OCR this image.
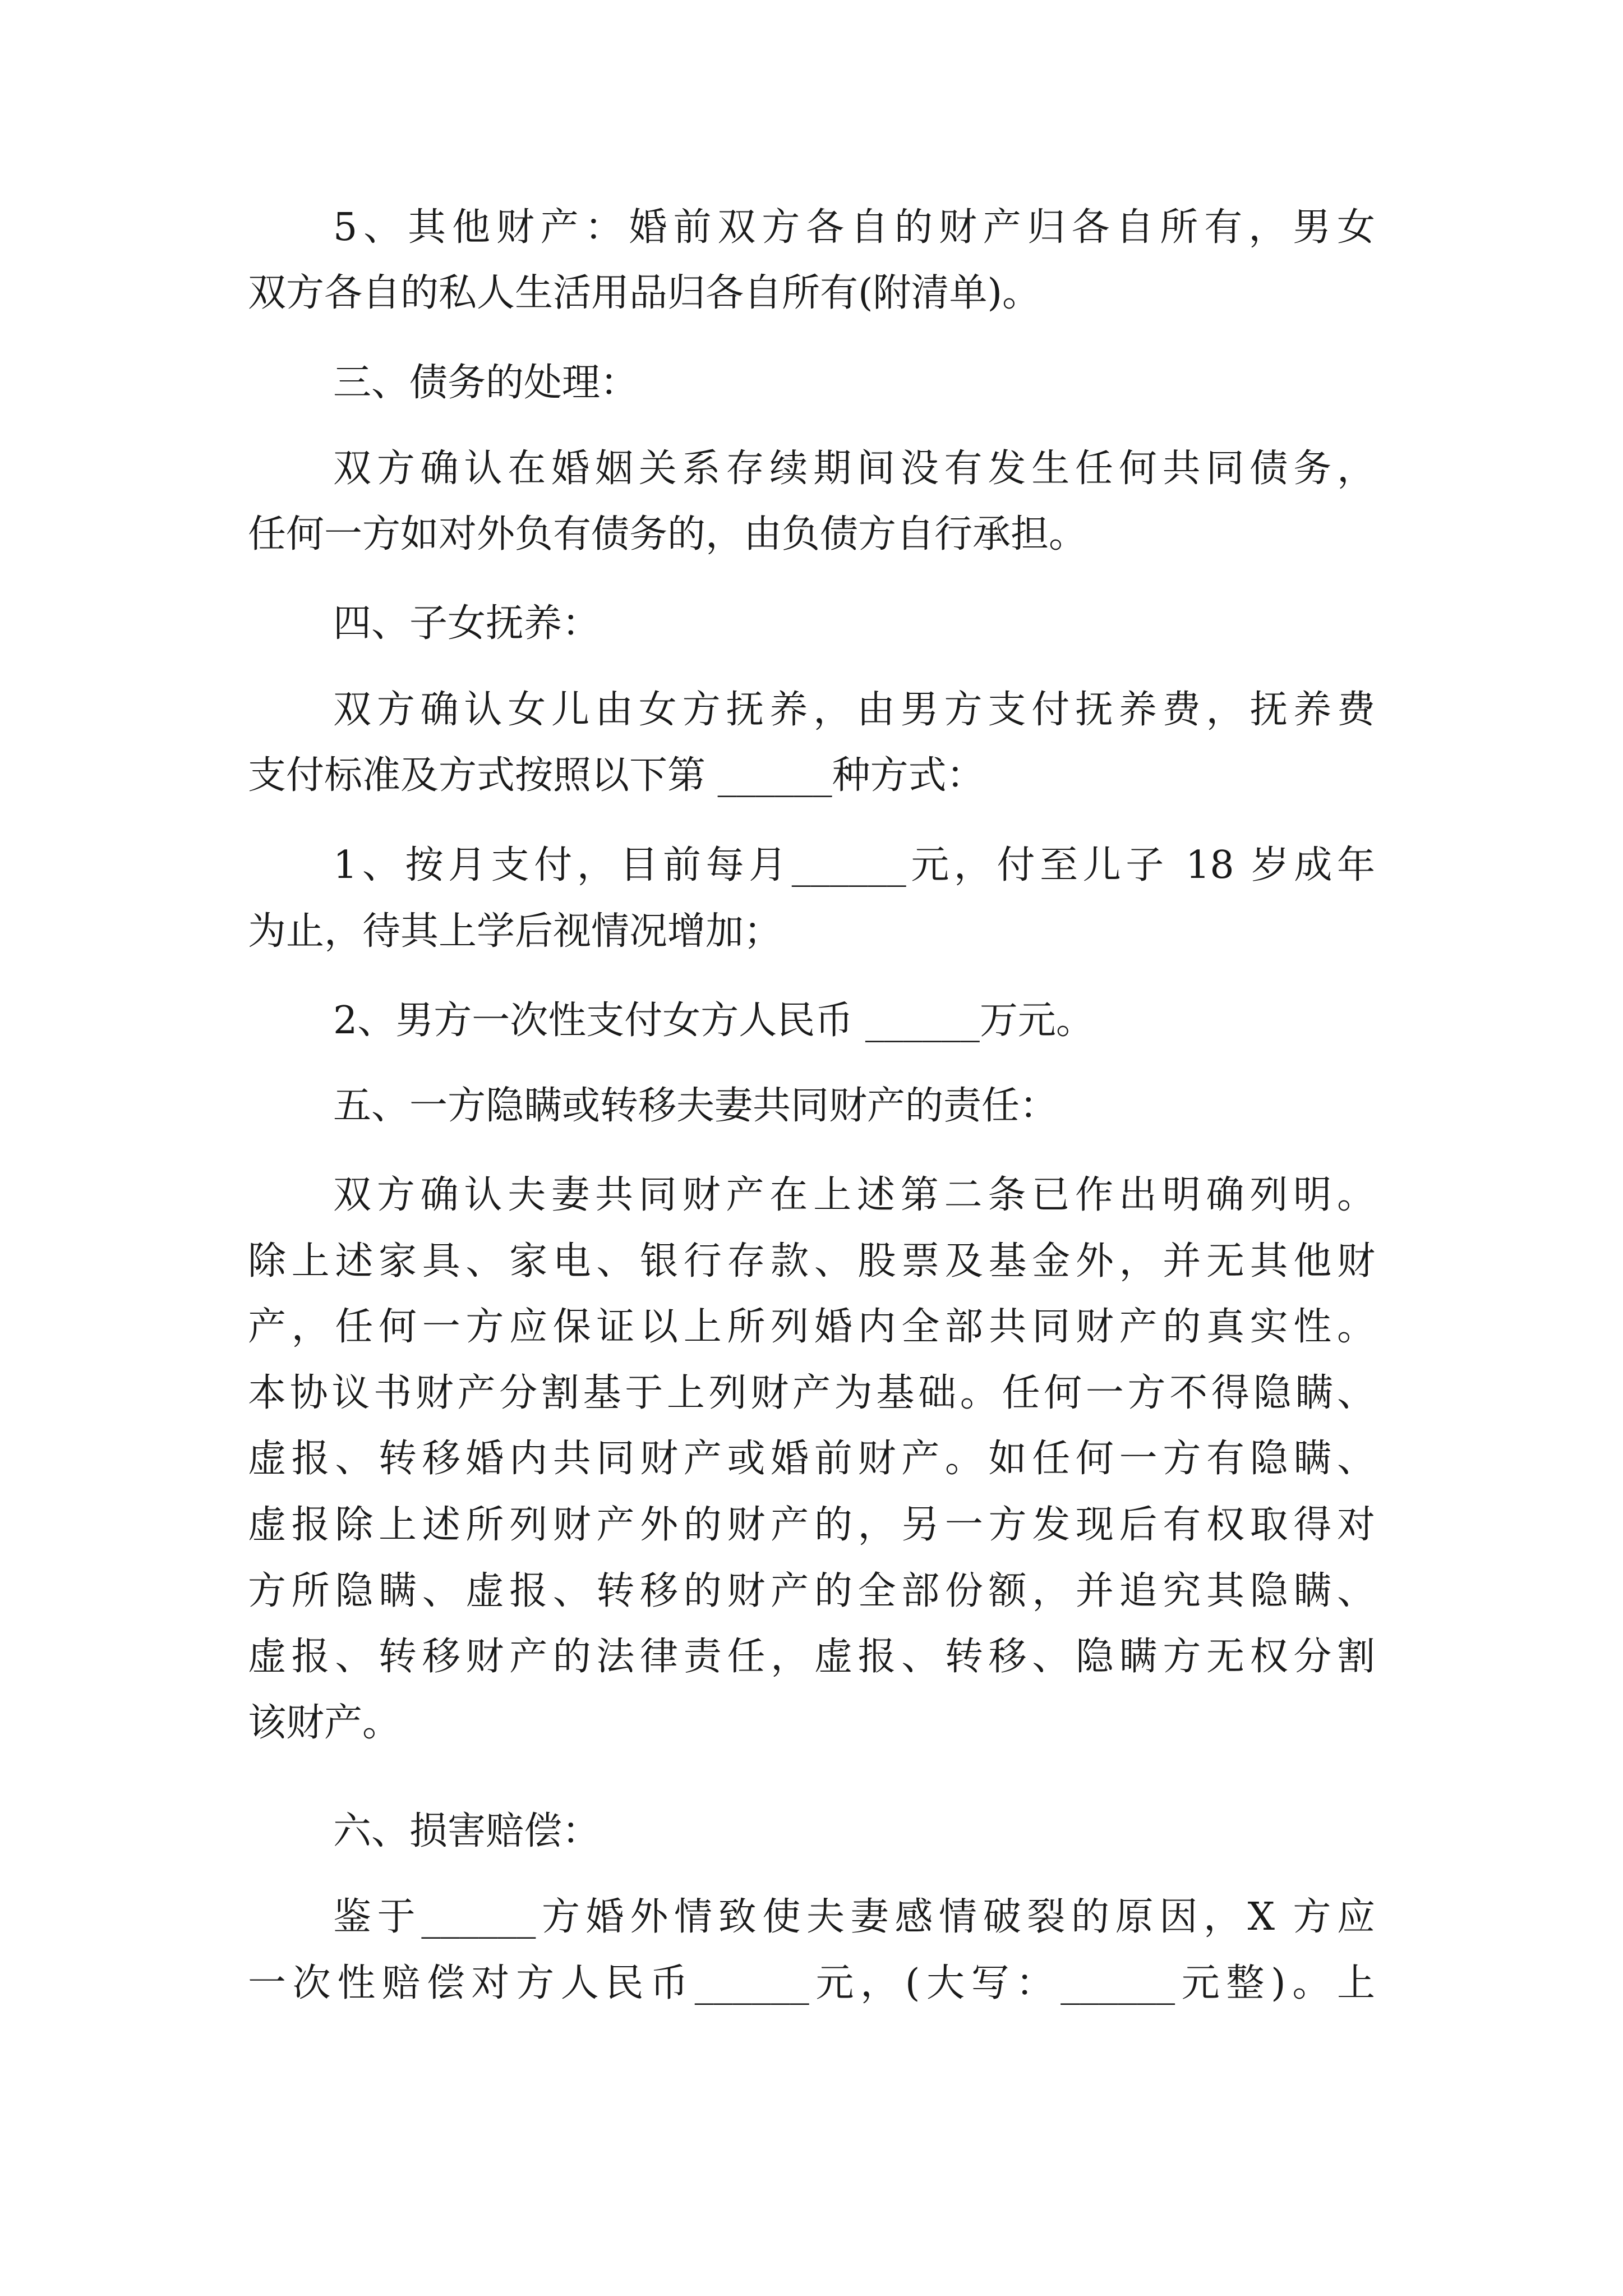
5、其他财产：婚前双方各自的财产归各自所有，男女
双方各自的私人生活用品归各自所有(附清单)。
三、债务的处理：
双方确认在婚姻关系存续期间没有发生任何共同债务，
任何一方如对外负有债务的，由负债方自行承担。
四、子女抚养：
双方确认女儿由女方抚养，由男方支付抚养费，抚养费
支付标准及方式按照以下第 ______种方式：
1、按月支付，目前每月______元，付至儿子 18 岁成年
为止，待其上学后视情况增加；
2、男方一次性支付女方人民币 ______万元。
五、一方隐瞒或转移夫妻共同财产的责任：
双方确认夫妻共同财产在上述第二条已作出明确列明。
除上述家具、家电、银行存款、股票及基金外，并无其他财
产，任何一方应保证以上所列婚内全部共同财产的真实性。
本协议书财产分割基于上列财产为基础。任何一方不得隐瞒、
虚报、转移婚内共同财产或婚前财产。如任何一方有隐瞒、
虚报除上述所列财产外的财产的，另一方发现后有权取得对
方所隐瞒、虚报、转移的财产的全部份额，并追究其隐瞒、
虚报、转移财产的法律责任，虚报、转移、隐瞒方无权分割
该财产。
六、损害赔偿：
鉴于______方婚外情致使夫妻感情破裂的原因，X 方应
一次性赔偿对方人民币______元，(大写：______元整)。上
